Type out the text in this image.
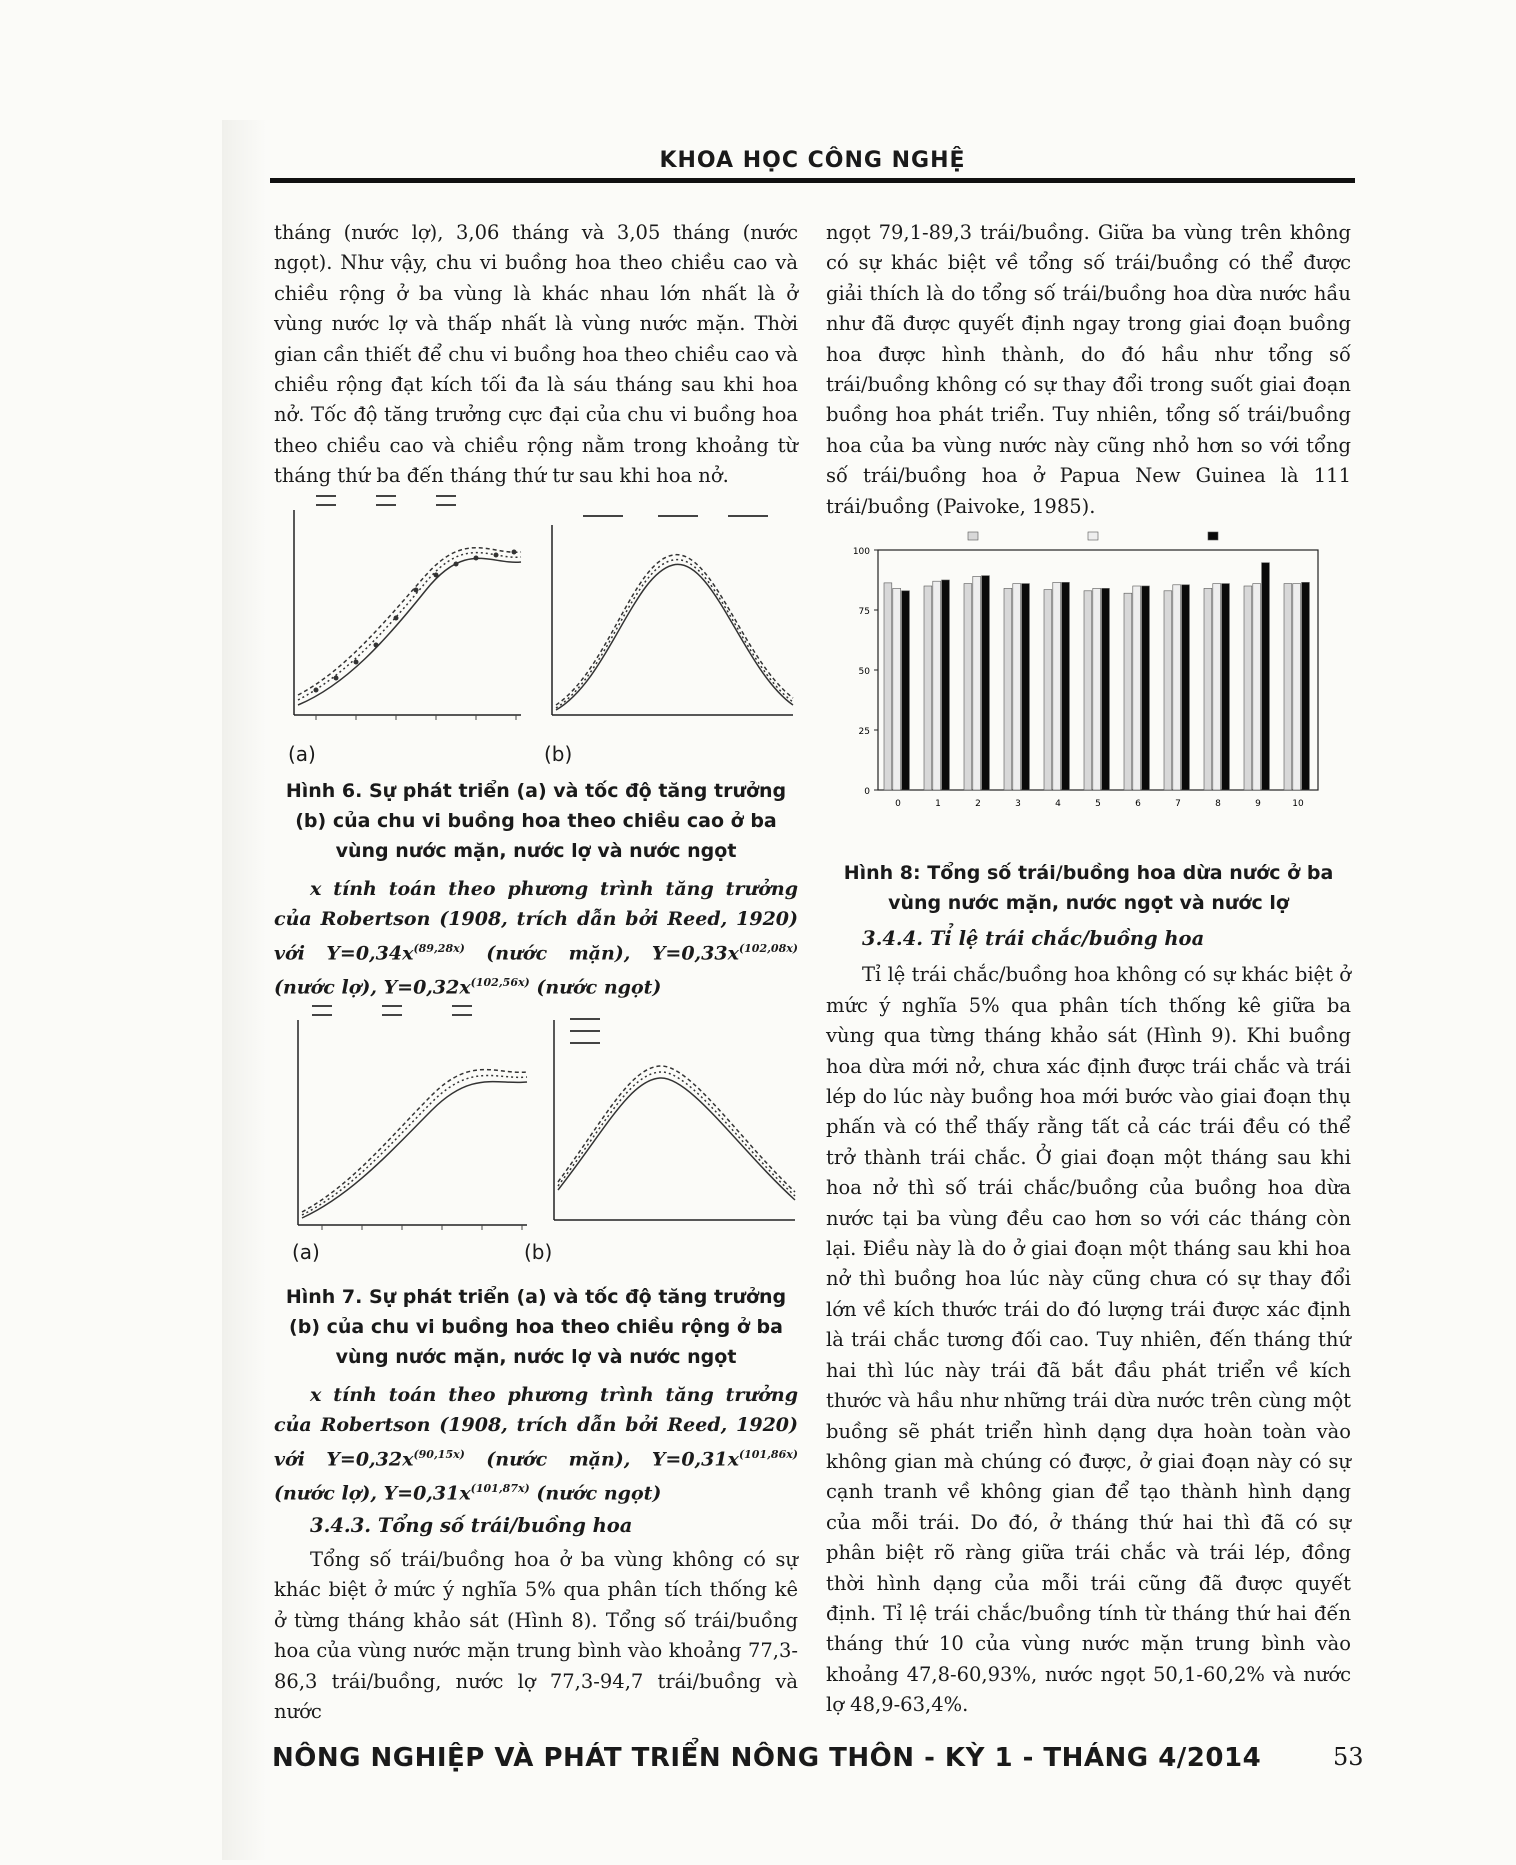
KHOA HỌC CÔNG NGHỆ

tháng (nước lợ), 3,06 tháng và 3,05 tháng (nước ngọt). Như vậy, chu vi buồng hoa theo chiều cao và chiều rộng ở ba vùng là khác nhau lớn nhất là ở vùng nước lợ và thấp nhất là vùng nước mặn. Thời gian cần thiết để chu vi buồng hoa theo chiều cao và chiều rộng đạt kích tối đa là sáu tháng sau khi hoa nở. Tốc độ tăng trưởng cực đại của chu vi buồng hoa theo chiều cao và chiều rộng nằm trong khoảng từ tháng thứ ba đến tháng thứ tư sau khi hoa nở.

(a)	(b)
Hình 6. Sự phát triển (a) và tốc độ tăng trưởng (b) của chu vi buồng hoa theo chiều cao ở ba vùng nước mặn, nước lợ và nước ngọt
x tính toán theo phương trình tăng trưởng của Robertson (1908, trích dẫn bởi Reed, 1920) với $Y=0,34x^{(89,28x)}$ (nước mặn), $Y=0,33x^{(102,08x)}$ (nước lợ), $Y=0,32x^{(102,56x)}$ (nước ngọt)
(a)	(b)
Hình 7. Sự phát triển (a) và tốc độ tăng trưởng (b) của chu vi buồng hoa theo chiều rộng ở ba vùng nước mặn, nước lợ và nước ngọt
x tính toán theo phương trình tăng trưởng của Robertson (1908, trích dẫn bởi Reed, 1920) với $Y=0,32x^{(90,15x)}$ (nước mặn), $Y=0,31x^{(101,86x)}$ (nước lợ), $Y=0,31x^{(101,87x)}$ (nước ngọt)
3.4.3. Tổng số trái/buồng hoa

Tổng số trái/buồng hoa ở ba vùng không có sự khác biệt ở mức ý nghĩa 5% qua phân tích thống kê ở từng tháng khảo sát (Hình 8). Tổng số trái/buồng hoa của vùng nước mặn trung bình vào khoảng 77,3-86,3 trái/buồng, nước lợ 77,3-94,7 trái/buồng và nước

ngọt 79,1-89,3 trái/buồng. Giữa ba vùng trên không có sự khác biệt về tổng số trái/buồng có thể được giải thích là do tổng số trái/buồng hoa dừa nước hầu như đã được quyết định ngay trong giai đoạn buồng hoa được hình thành, do đó hầu như tổng số trái/buồng không có sự thay đổi trong suốt giai đoạn buồng hoa phát triển. Tuy nhiên, tổng số trái/buồng hoa của ba vùng nước này cũng nhỏ hơn so với tổng số trái/buồng hoa ở Papua New Guinea là 111 trái/buồng (Paivoke, 1985).

0
25
50
75
100
0	1	2	3	4	5	6	7	8	9	10
Hình 8: Tổng số trái/buồng hoa dừa nước ở ba vùng nước mặn, nước ngọt và nước lợ
3.4.4. Tỉ lệ trái chắc/buồng hoa

Tỉ lệ trái chắc/buồng hoa không có sự khác biệt ở mức ý nghĩa 5% qua phân tích thống kê giữa ba vùng qua từng tháng khảo sát (Hình 9). Khi buồng hoa dừa mới nở, chưa xác định được trái chắc và trái lép do lúc này buồng hoa mới bước vào giai đoạn thụ phấn và có thể thấy rằng tất cả các trái đều có thể trở thành trái chắc. Ở giai đoạn một tháng sau khi hoa nở thì số trái chắc/buồng của buồng hoa dừa nước tại ba vùng đều cao hơn so với các tháng còn lại. Điều này là do ở giai đoạn một tháng sau khi hoa nở thì buồng hoa lúc này cũng chưa có sự thay đổi lớn về kích thước trái do đó lượng trái được xác định là trái chắc tương đối cao. Tuy nhiên, đến tháng thứ hai thì lúc này trái đã bắt đầu phát triển về kích thước và hầu như những trái dừa nước trên cùng một buồng sẽ phát triển hình dạng dựa hoàn toàn vào không gian mà chúng có được, ở giai đoạn này có sự cạnh tranh về không gian để tạo thành hình dạng của mỗi trái. Do đó, ở tháng thứ hai thì đã có sự phân biệt rõ ràng giữa trái chắc và trái lép, đồng thời hình dạng của mỗi trái cũng đã được quyết định. Tỉ lệ trái chắc/buồng tính từ tháng thứ hai đến tháng thứ 10 của vùng nước mặn trung bình vào khoảng 47,8-60,93%, nước ngọt 50,1-60,2% và nước lợ 48,9-63,4%.

NÔNG NGHIỆP VÀ PHÁT TRIỂN NÔNG THÔN - KỲ 1 - THÁNG 4/2014	53
